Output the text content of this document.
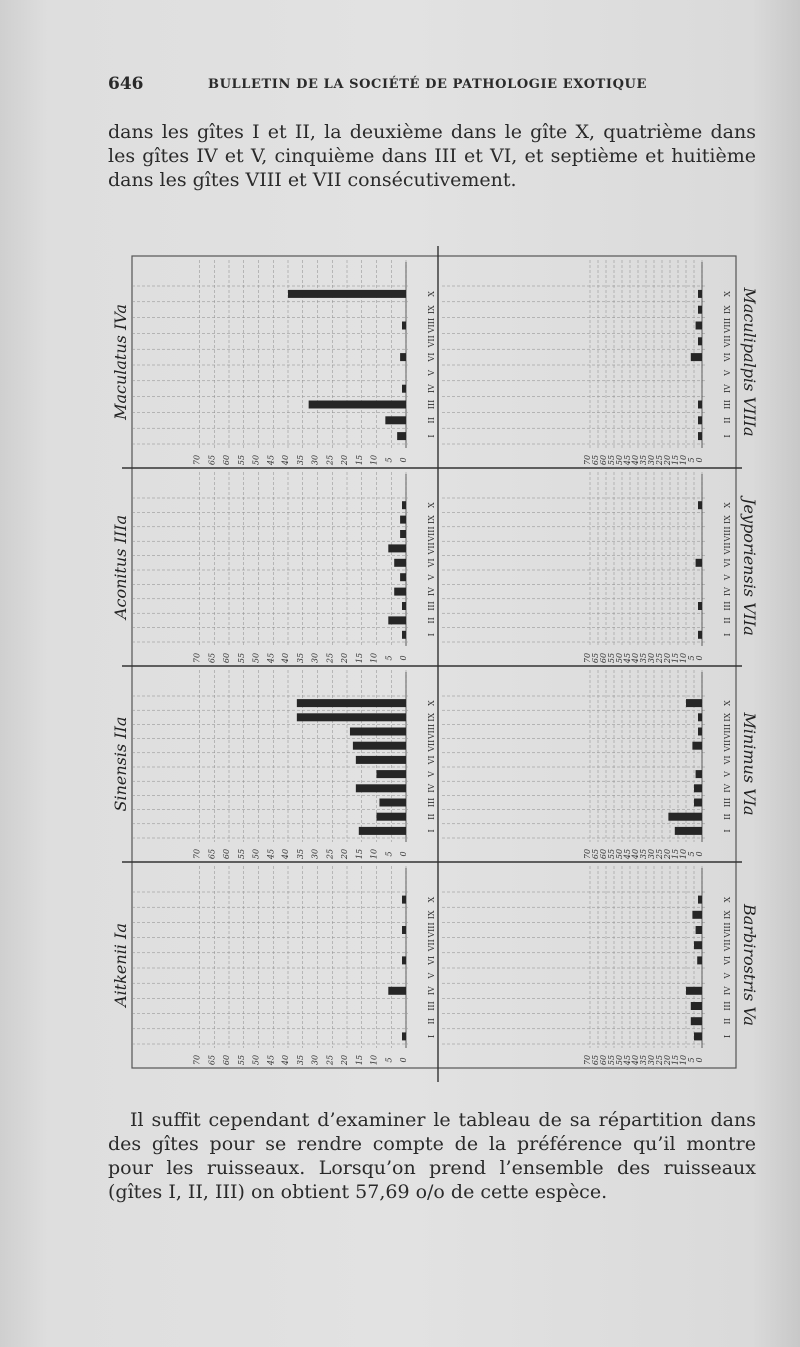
646	BULLETIN DE LA SOCIÉTÉ DE PATHOLOGIE EXOTIQUE
dans les gîtes I et II, la deuxième dans le gîte X, quatrième dans les gîtes IV et V, cinquième dans III et VI, et septième et huitième dans les gîtes VIII et VII consécutivement.
0
5
10
15
20
25
30
35
40
45
50
55
60
65
70
I
II
III
IV
V
VI
VII
VIII
IX
X
Maculatus IVa
0
5
10
15
20
25
30
35
40
45
50
55
60
65
70
I
II
III
IV
V
VI
VII
VIII
IX
X
Aconitus IIIa
0
5
10
15
20
25
30
35
40
45
50
55
60
65
70
I
II
III
IV
V
VI
VII
VIII
IX
X
Sinensis IIa
0
5
10
15
20
25
30
35
40
45
50
55
60
65
70
I
II
III
IV
V
VI
VII
VIII
IX
X
Aitkenii Ia
0
5
10
15
20
25
30
35
40
45
50
55
60
65
70
I
II
III
IV
V
VI
VII
VIII
IX
X Maculipalpis VIIIa
0
5
10
15
20
25
30
35
40
45
50
55
60
65
70
I
II
III
IV
V
VI
VII
VIII
IX
X Jeyporiensis VIIa
0
5
10
15
20
25
30
35
40
45
50
55
60
65
70
I
II
III
IV
V
VI
VII
VIII
IX
X
Minimus VIa
0
5
10
15
20
25
30
35
40
45
50
55
60
65
70
I
II
III
IV
V
VI
VII
VIII
IX
X
Barbirostris Va
Il suffit cependant d’examiner le tableau de sa répartition dans des gîtes pour se rendre compte de la préférence qu’il montre pour les ruisseaux. Lorsqu’on prend l’ensemble des ruisseaux (gîtes I, II, III) on obtient 57,69 o/o de cette espèce.
